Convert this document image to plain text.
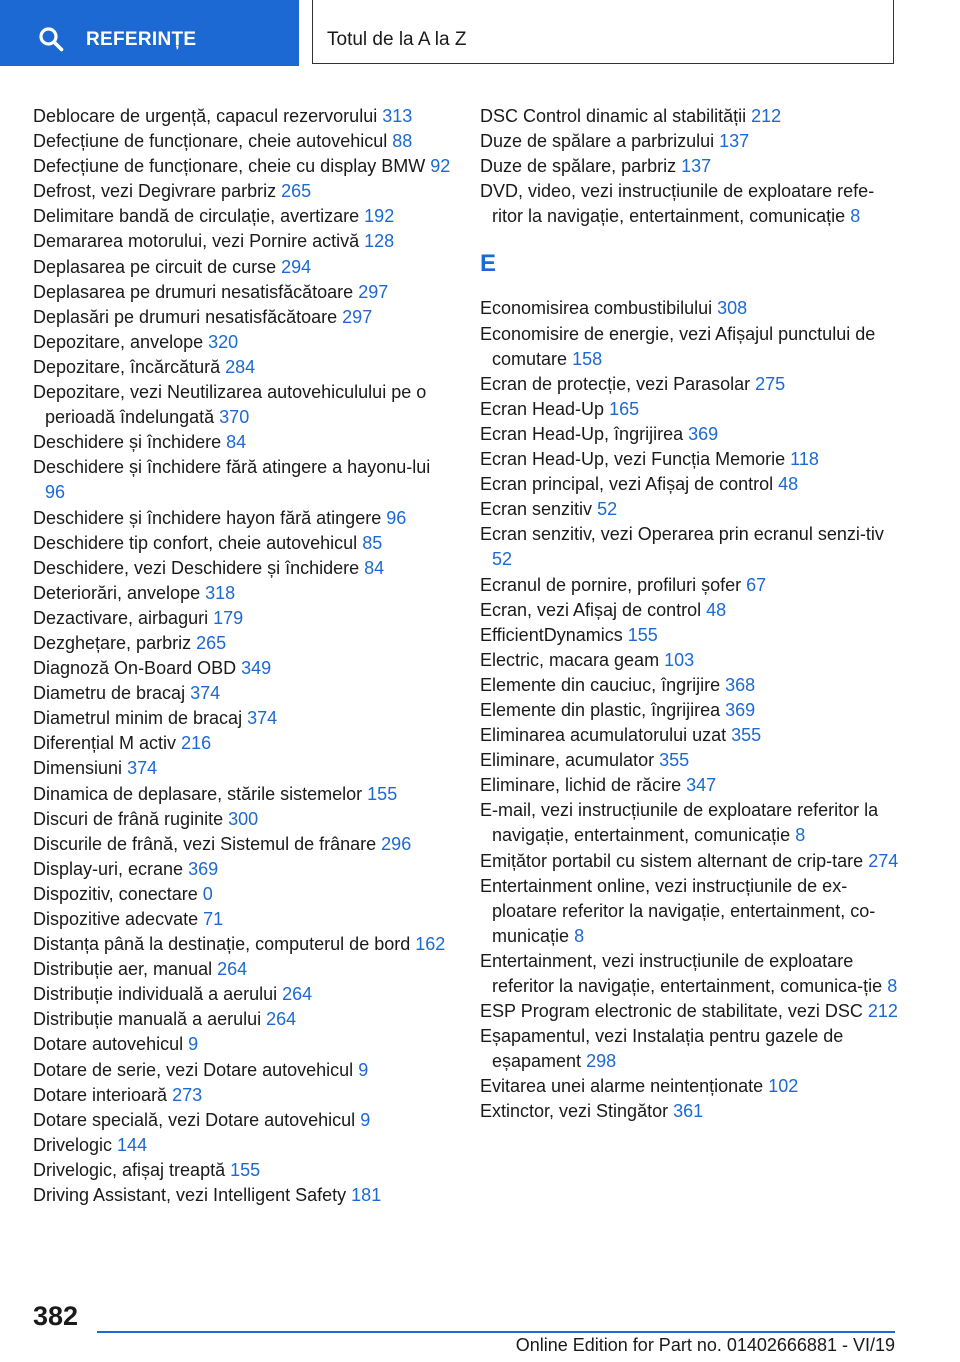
REFERINȚE	Totul de la A la Z
Deblocare de urgență, capacul rezervorului 313
Defecțiune de funcționare, cheie autovehicul 88
Defecțiune de funcționare, cheie cu display BMW 92
Defrost, vezi Degivrare parbriz 265
Delimitare bandă de circulație, avertizare 192
Demararea motorului, vezi Pornire activă 128
Deplasarea pe circuit de curse 294
Deplasarea pe drumuri nesatisfăcătoare 297
Deplasări pe drumuri nesatisfăcătoare 297
Depozitare, anvelope 320
Depozitare, încărcătură 284
Depozitare, vezi Neutilizarea autovehiculului pe o perioadă îndelungată 370
Deschidere și închidere 84
Deschidere și închidere fără atingere a hayonu-lui 96
Deschidere și închidere hayon fără atingere 96
Deschidere tip confort, cheie autovehicul 85
Deschidere, vezi Deschidere și închidere 84
Deteriorări, anvelope 318
Dezactivare, airbaguri 179
Dezghețare, parbriz 265
Diagnoză On-Board OBD 349
Diametru de bracaj 374
Diametrul minim de bracaj 374
Diferențial M activ 216
Dimensiuni 374
Dinamica de deplasare, stările sistemelor 155
Discuri de frână ruginite 300
Discurile de frână, vezi Sistemul de frânare 296
Display-uri, ecrane 369
Dispozitiv, conectare 0
Dispozitive adecvate 71
Distanța până la destinație, computerul de bord 162
Distribuție aer, manual 264
Distribuție individuală a aerului 264
Distribuție manuală a aerului 264
Dotare autovehicul 9
Dotare de serie, vezi Dotare autovehicul 9
Dotare interioară 273
Dotare specială, vezi Dotare autovehicul 9
Drivelogic 144
Drivelogic, afișaj treaptă 155
Driving Assistant, vezi Intelligent Safety 181
DSC Control dinamic al stabilității 212
Duze de spălare a parbrizului 137
Duze de spălare, parbriz 137
DVD, video, vezi instrucțiunile de exploatare refe-ritor la navigație, entertainment, comunicație 8
E
Economisirea combustibilului 308
Economisire de energie, vezi Afișajul punctului de comutare 158
Ecran de protecție, vezi Parasolar 275
Ecran Head-Up 165
Ecran Head-Up, îngrijirea 369
Ecran Head-Up, vezi Funcția Memorie 118
Ecran principal, vezi Afișaj de control 48
Ecran senzitiv 52
Ecran senzitiv, vezi Operarea prin ecranul senzi-tiv 52
Ecranul de pornire, profiluri șofer 67
Ecran, vezi Afișaj de control 48
EfficientDynamics 155
Electric, macara geam 103
Elemente din cauciuc, îngrijire 368
Elemente din plastic, îngrijirea 369
Eliminarea acumulatorului uzat 355
Eliminare, acumulator 355
Eliminare, lichid de răcire 347
E-mail, vezi instrucțiunile de exploatare referitor la navigație, entertainment, comunicație 8
Emițător portabil cu sistem alternant de crip-tare 274
Entertainment online, vezi instrucțiunile de ex-ploatare referitor la navigație, entertainment, co-municație 8
Entertainment, vezi instrucțiunile de exploatare referitor la navigație, entertainment, comunica-ție 8
ESP Program electronic de stabilitate, vezi DSC 212
Eșapamentul, vezi Instalația pentru gazele de eșapament 298
Evitarea unei alarme neintenționate 102
Extinctor, vezi Stingător 361
382
Online Edition for Part no. 01402666881 - VI/19
